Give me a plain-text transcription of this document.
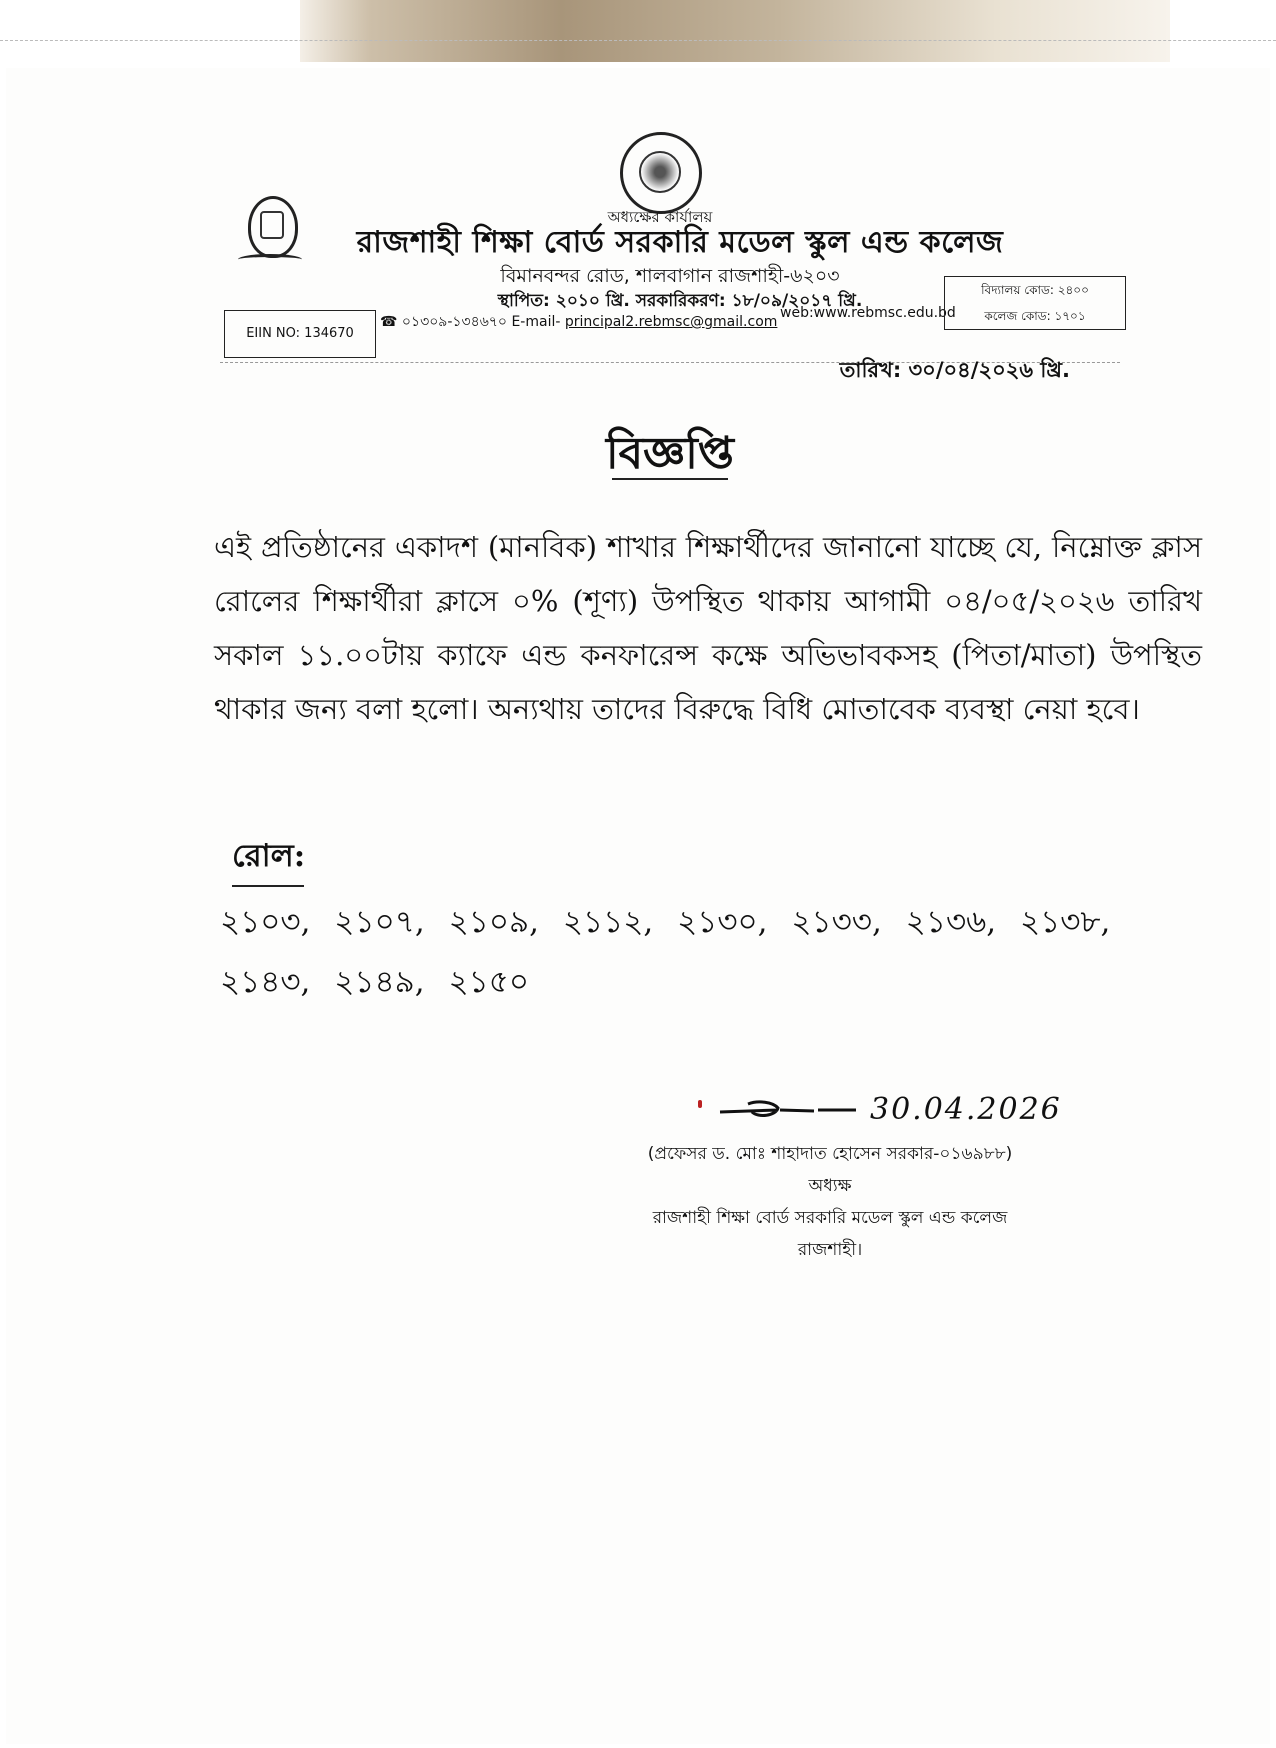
অধ্যক্ষের কার্যালয়
রাজশাহী শিক্ষা বোর্ড সরকারি মডেল স্কুল এন্ড কলেজ
বিমানবন্দর রোড, শালবাগান রাজশাহী-৬২০৩
স্থাপিত: ২০১০ খ্রি. সরকারিকরণ: ১৮/০৯/২০১৭ খ্রি.
EIIN NO: 134670
☎ ০১৩০৯-১৩৪৬৭০ E-mail- principal2.rebmsc@gmail.com
web:www.rebmsc.edu.bd
বিদ্যালয় কোড: ২৪০০
কলেজ কোড: ১৭০১
তারিখ: ৩০/০৪/২০২৬ খ্রি.
বিজ্ঞপ্তি
এই প্রতিষ্ঠানের একাদশ (মানবিক) শাখার শিক্ষার্থীদের জানানো যাচ্ছে যে, নিম্নোক্ত ক্লাস রোলের শিক্ষার্থীরা ক্লাসে ০% (শূণ্য) উপস্থিত থাকায় আগামী ০৪/০৫/২০২৬ তারিখ সকাল ১১.০০টায় ক্যাফে এন্ড কনফারেন্স কক্ষে অভিভাবকসহ (পিতা/মাতা) উপস্থিত থাকার জন্য বলা হলো। অন্যথায় তাদের বিরুদ্ধে বিধি মোতাবেক ব্যবস্থা নেয়া হবে।
রোল:
২১০৩, ২১০৭, ২১০৯, ২১১২, ২১৩০, ২১৩৩, ২১৩৬, ২১৩৮, ২১৪৩, ২১৪৯, ২১৫০
30.04.2026
(প্রফেসর ড. মোঃ শাহাদাত হোসেন সরকার-০১৬৯৮৮)
অধ্যক্ষ
রাজশাহী শিক্ষা বোর্ড সরকারি মডেল স্কুল এন্ড কলেজ
রাজশাহী।
